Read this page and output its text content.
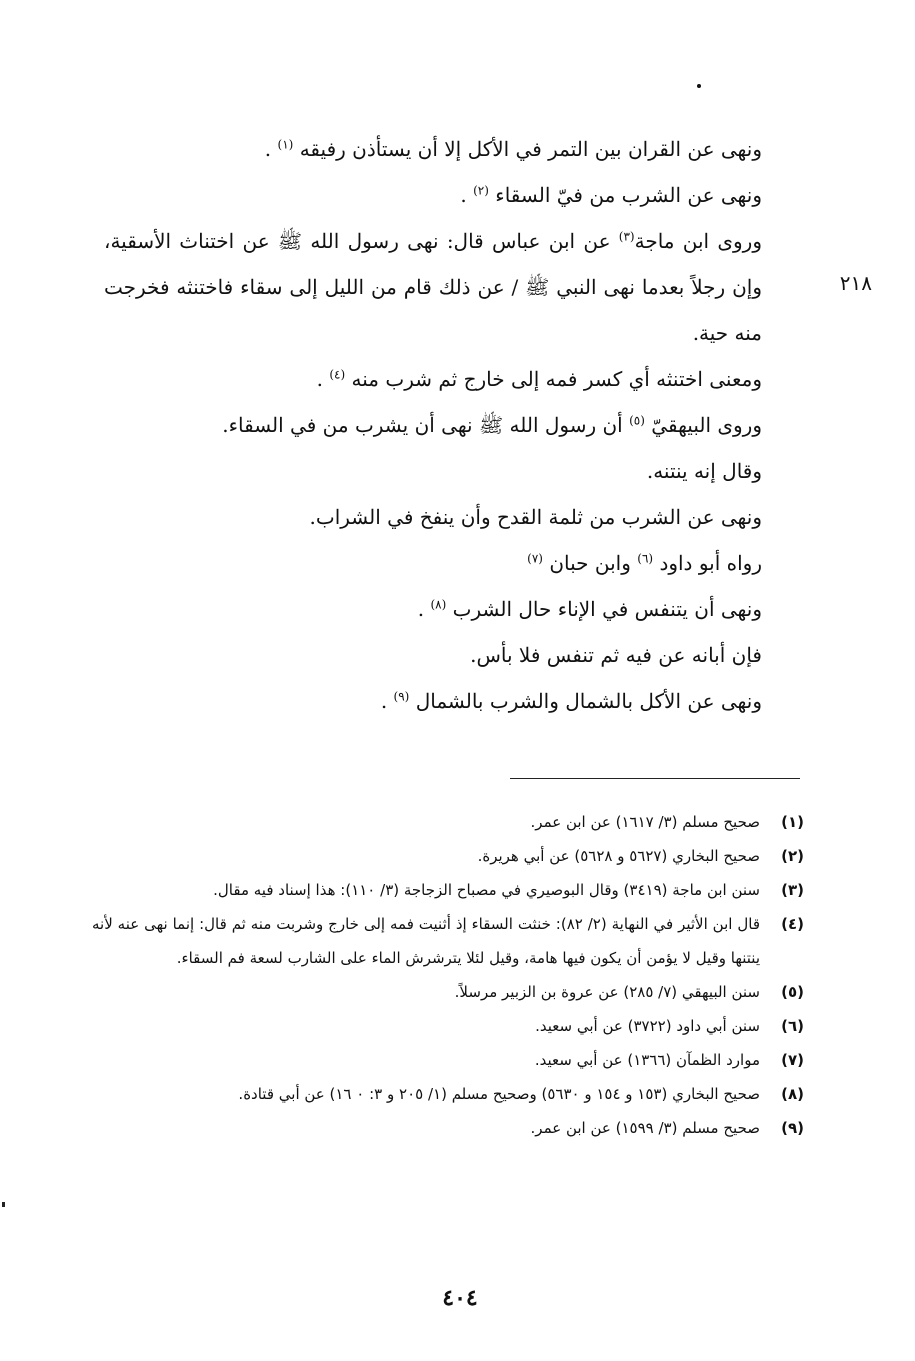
٢١٨

ونهى عن القران بين التمر في الأكل إلا أن يستأذن رفيقه $^{(١)}$ .

ونهى عن الشرب من فيّ السقاء $^{(٢)}$ .

وروى ابن ماجة$^{(٣)}$ عن ابن عباس قال: نهى رسول الله ﷺ عن اختناث الأسقية، وإن رجلاً بعدما نهى النبي ﷺ / عن ذلك قام من الليل إلى سقاء فاختنثه فخرجت منه حية.

ومعنى اختنثه أي كسر فمه إلى خارج ثم شرب منه $^{(٤)}$ .

وروى البيهقيّ $^{(٥)}$ أن رسول الله ﷺ نهى أن يشرب من في السقاء.

وقال إنه ينتنه.

ونهى عن الشرب من ثلمة القدح وأن ينفخ في الشراب.

رواه أبو داود $^{(٦)}$ وابن حبان $^{(٧)}$

ونهى أن يتنفس في الإناء حال الشرب $^{(٨)}$ .

فإن أبانه عن فيه ثم تنفس فلا بأس.

ونهى عن الأكل بالشمال والشرب بالشمال $^{(٩)}$ .

(١)
صحيح مسلم (٣/ ١٦١٧) عن ابن عمر.
(٢)
صحيح البخاري (٥٦٢٧ و ٥٦٢٨) عن أبي هريرة.
(٣)
سنن ابن ماجة (٣٤١٩) وقال البوصيري في مصباح الزجاجة (٣/ ١١٠): هذا إسناد فيه مقال.
(٤)
قال ابن الأثير في النهاية (٢/ ٨٢): خنثت السقاء إذ أثنيت فمه إلى خارج وشربت منه ثم قال: إنما نهى عنه لأنه ينتنها وقيل لا يؤمن أن يكون فيها هامة، وقيل لئلا يترشرش الماء على الشارب لسعة فم السقاء.
(٥)
سنن البيهقي (٧/ ٢٨٥) عن عروة بن الزبير مرسلاً.
(٦)
سنن أبي داود (٣٧٢٢) عن أبي سعيد.
(٧)
موارد الظمآن (١٣٦٦) عن أبي سعيد.
(٨)
صحيح البخاري (١٥٣ و ١٥٤ و ٥٦٣٠) وصحيح مسلم (١/ ٢٠٥ و ٣: ٠ ١٦) عن أبي قتادة.
(٩)
صحيح مسلم (٣/ ١٥٩٩) عن ابن عمر.
٤٠٤
